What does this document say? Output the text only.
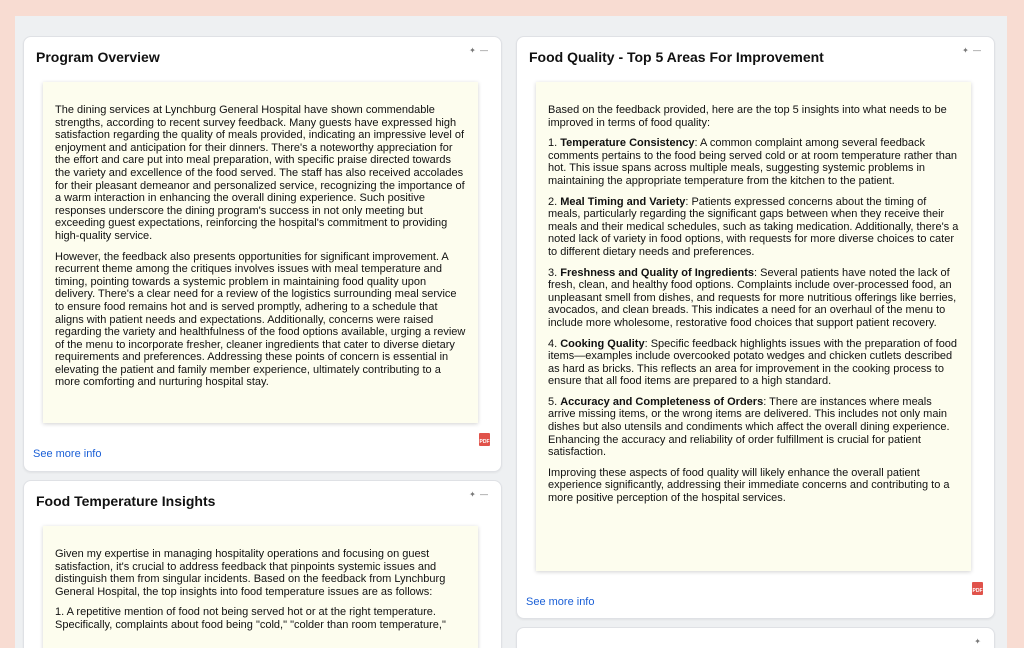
Program Overview	✦ —

The dining services at Lynchburg General Hospital have shown commendable strengths, according to recent survey feedback. Many guests have expressed high satisfaction regarding the quality of meals provided, indicating an impressive level of enjoyment and anticipation for their dinners. There's a noteworthy appreciation for the effort and care put into meal preparation, with specific praise directed towards the variety and excellence of the food served. The staff has also received accolades for their pleasant demeanor and personalized service, recognizing the importance of a warm interaction in enhancing the overall dining experience. Such positive responses underscore the dining program's success in not only meeting but exceeding guest expectations, reinforcing the hospital's commitment to providing high-quality service.

However, the feedback also presents opportunities for significant improvement. A recurrent theme among the critiques involves issues with meal temperature and timing, pointing towards a systemic problem in maintaining food quality upon delivery. There's a clear need for a review of the logistics surrounding meal service to ensure food remains hot and is served promptly, adhering to a schedule that aligns with patient needs and expectations. Additionally, concerns were raised regarding the variety and healthfulness of the food options available, urging a review of the menu to incorporate fresher, cleaner ingredients that cater to diverse dietary requirements and preferences. Addressing these points of concern is essential in elevating the patient and family member experience, ultimately contributing to a more comforting and nurturing hospital stay.

PDF
See more info
Food Temperature Insights	✦ —

Given my expertise in managing hospitality operations and focusing on guest satisfaction, it's crucial to address feedback that pinpoints systemic issues and distinguish them from singular incidents. Based on the feedback from Lynchburg General Hospital, the top insights into food temperature issues are as follows:

1. A repetitive mention of food not being served hot or at the right temperature. Specifically, complaints about food being "cold," "colder than room temperature,"

Food Quality - Top 5 Areas For Improvement	✦ —

Based on the feedback provided, here are the top 5 insights into what needs to be improved in terms of food quality:

1. Temperature Consistency: A common complaint among several feedback comments pertains to the food being served cold or at room temperature rather than hot. This issue spans across multiple meals, suggesting systemic problems in maintaining the appropriate temperature from the kitchen to the patient.

2. Meal Timing and Variety: Patients expressed concerns about the timing of meals, particularly regarding the significant gaps between when they receive their meals and their medical schedules, such as taking medication. Additionally, there's a noted lack of variety in food options, with requests for more diverse choices to cater to different dietary needs and preferences.

3. Freshness and Quality of Ingredients: Several patients have noted the lack of fresh, clean, and healthy food options. Complaints include over-processed food, an unpleasant smell from dishes, and requests for more nutritious offerings like berries, avocados, and clean breads. This indicates a need for an overhaul of the menu to include more wholesome, restorative food choices that support patient recovery.

4. Cooking Quality: Specific feedback highlights issues with the preparation of food items—examples include overcooked potato wedges and chicken cutlets described as hard as bricks. This reflects an area for improvement in the cooking process to ensure that all food items are prepared to a high standard.

5. Accuracy and Completeness of Orders: There are instances where meals arrive missing items, or the wrong items are delivered. This includes not only main dishes but also utensils and condiments which affect the overall dining experience. Enhancing the accuracy and reliability of order fulfillment is crucial for patient satisfaction.

Improving these aspects of food quality will likely enhance the overall patient experience significantly, addressing their immediate concerns and contributing to a more positive perception of the hospital services.

PDF
See more info
✦
